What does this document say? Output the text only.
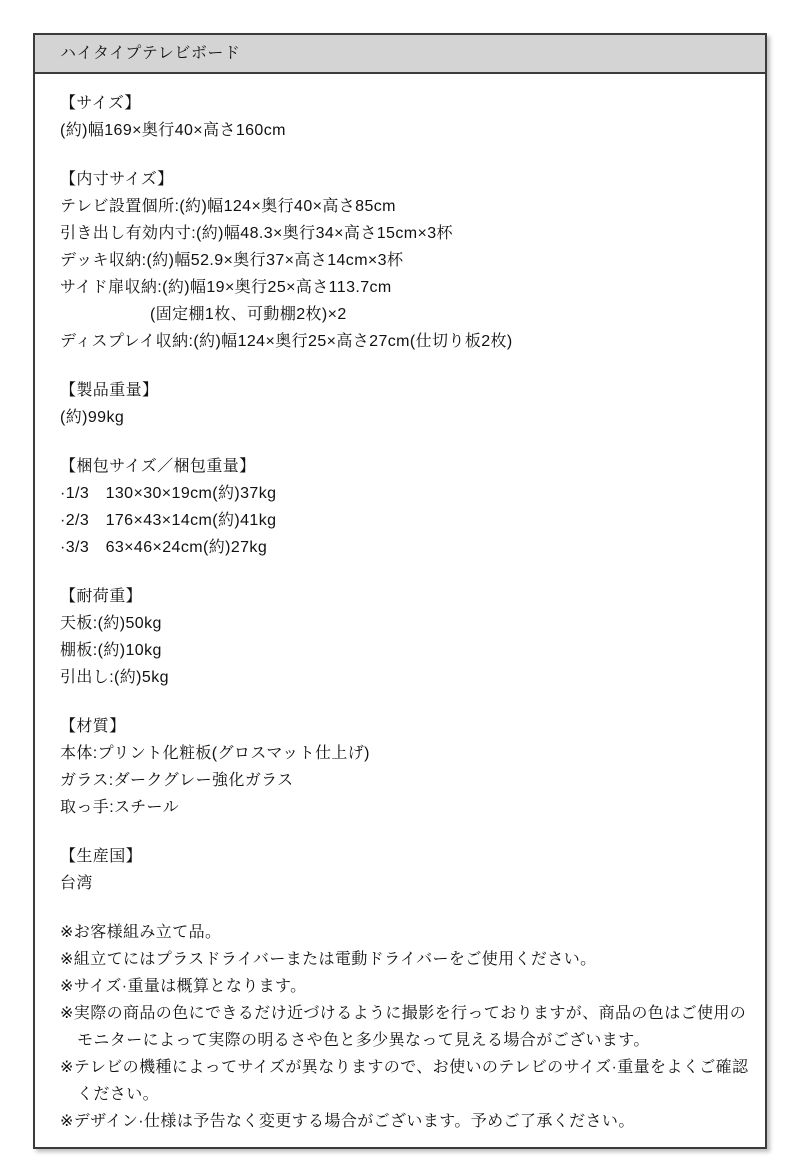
ハイタイプテレビボード
【サイズ】
(約)幅169×奥行40×高さ160cm
【内寸サイズ】
テレビ設置個所:(約)幅124×奥行40×高さ85cm
引き出し有効内寸:(約)幅48.3×奥行34×高さ15cm×3杯
デッキ収納:(約)幅52.9×奥行37×高さ14cm×3杯
サイド扉収納:(約)幅19×奥行25×高さ113.7cm
(固定棚1枚、可動棚2枚)×2
ディスプレイ収納:(約)幅124×奥行25×高さ27cm(仕切り板2枚)
【製品重量】
(約)99kg
【梱包サイズ／梱包重量】
·1/3　130×30×19cm(約)37kg
·2/3　176×43×14cm(約)41kg
·3/3　63×46×24cm(約)27kg
【耐荷重】
天板:(約)50kg
棚板:(約)10kg
引出し:(約)5kg
【材質】
本体:プリント化粧板(グロスマット仕上げ)
ガラス:ダークグレー強化ガラス
取っ手:スチール
【生産国】
台湾
※お客様組み立て品。
※組立てにはプラスドライバーまたは電動ドライバーをご使用ください。
※サイズ·重量は概算となります。
※実際の商品の色にできるだけ近づけるように撮影を行っておりますが、商品の色はご使用の
モニターによって実際の明るさや色と多少異なって見える場合がございます。
※テレビの機種によってサイズが異なりますので、お使いのテレビのサイズ·重量をよくご確認
ください。
※デザイン·仕様は予告なく変更する場合がございます。予めご了承ください。
